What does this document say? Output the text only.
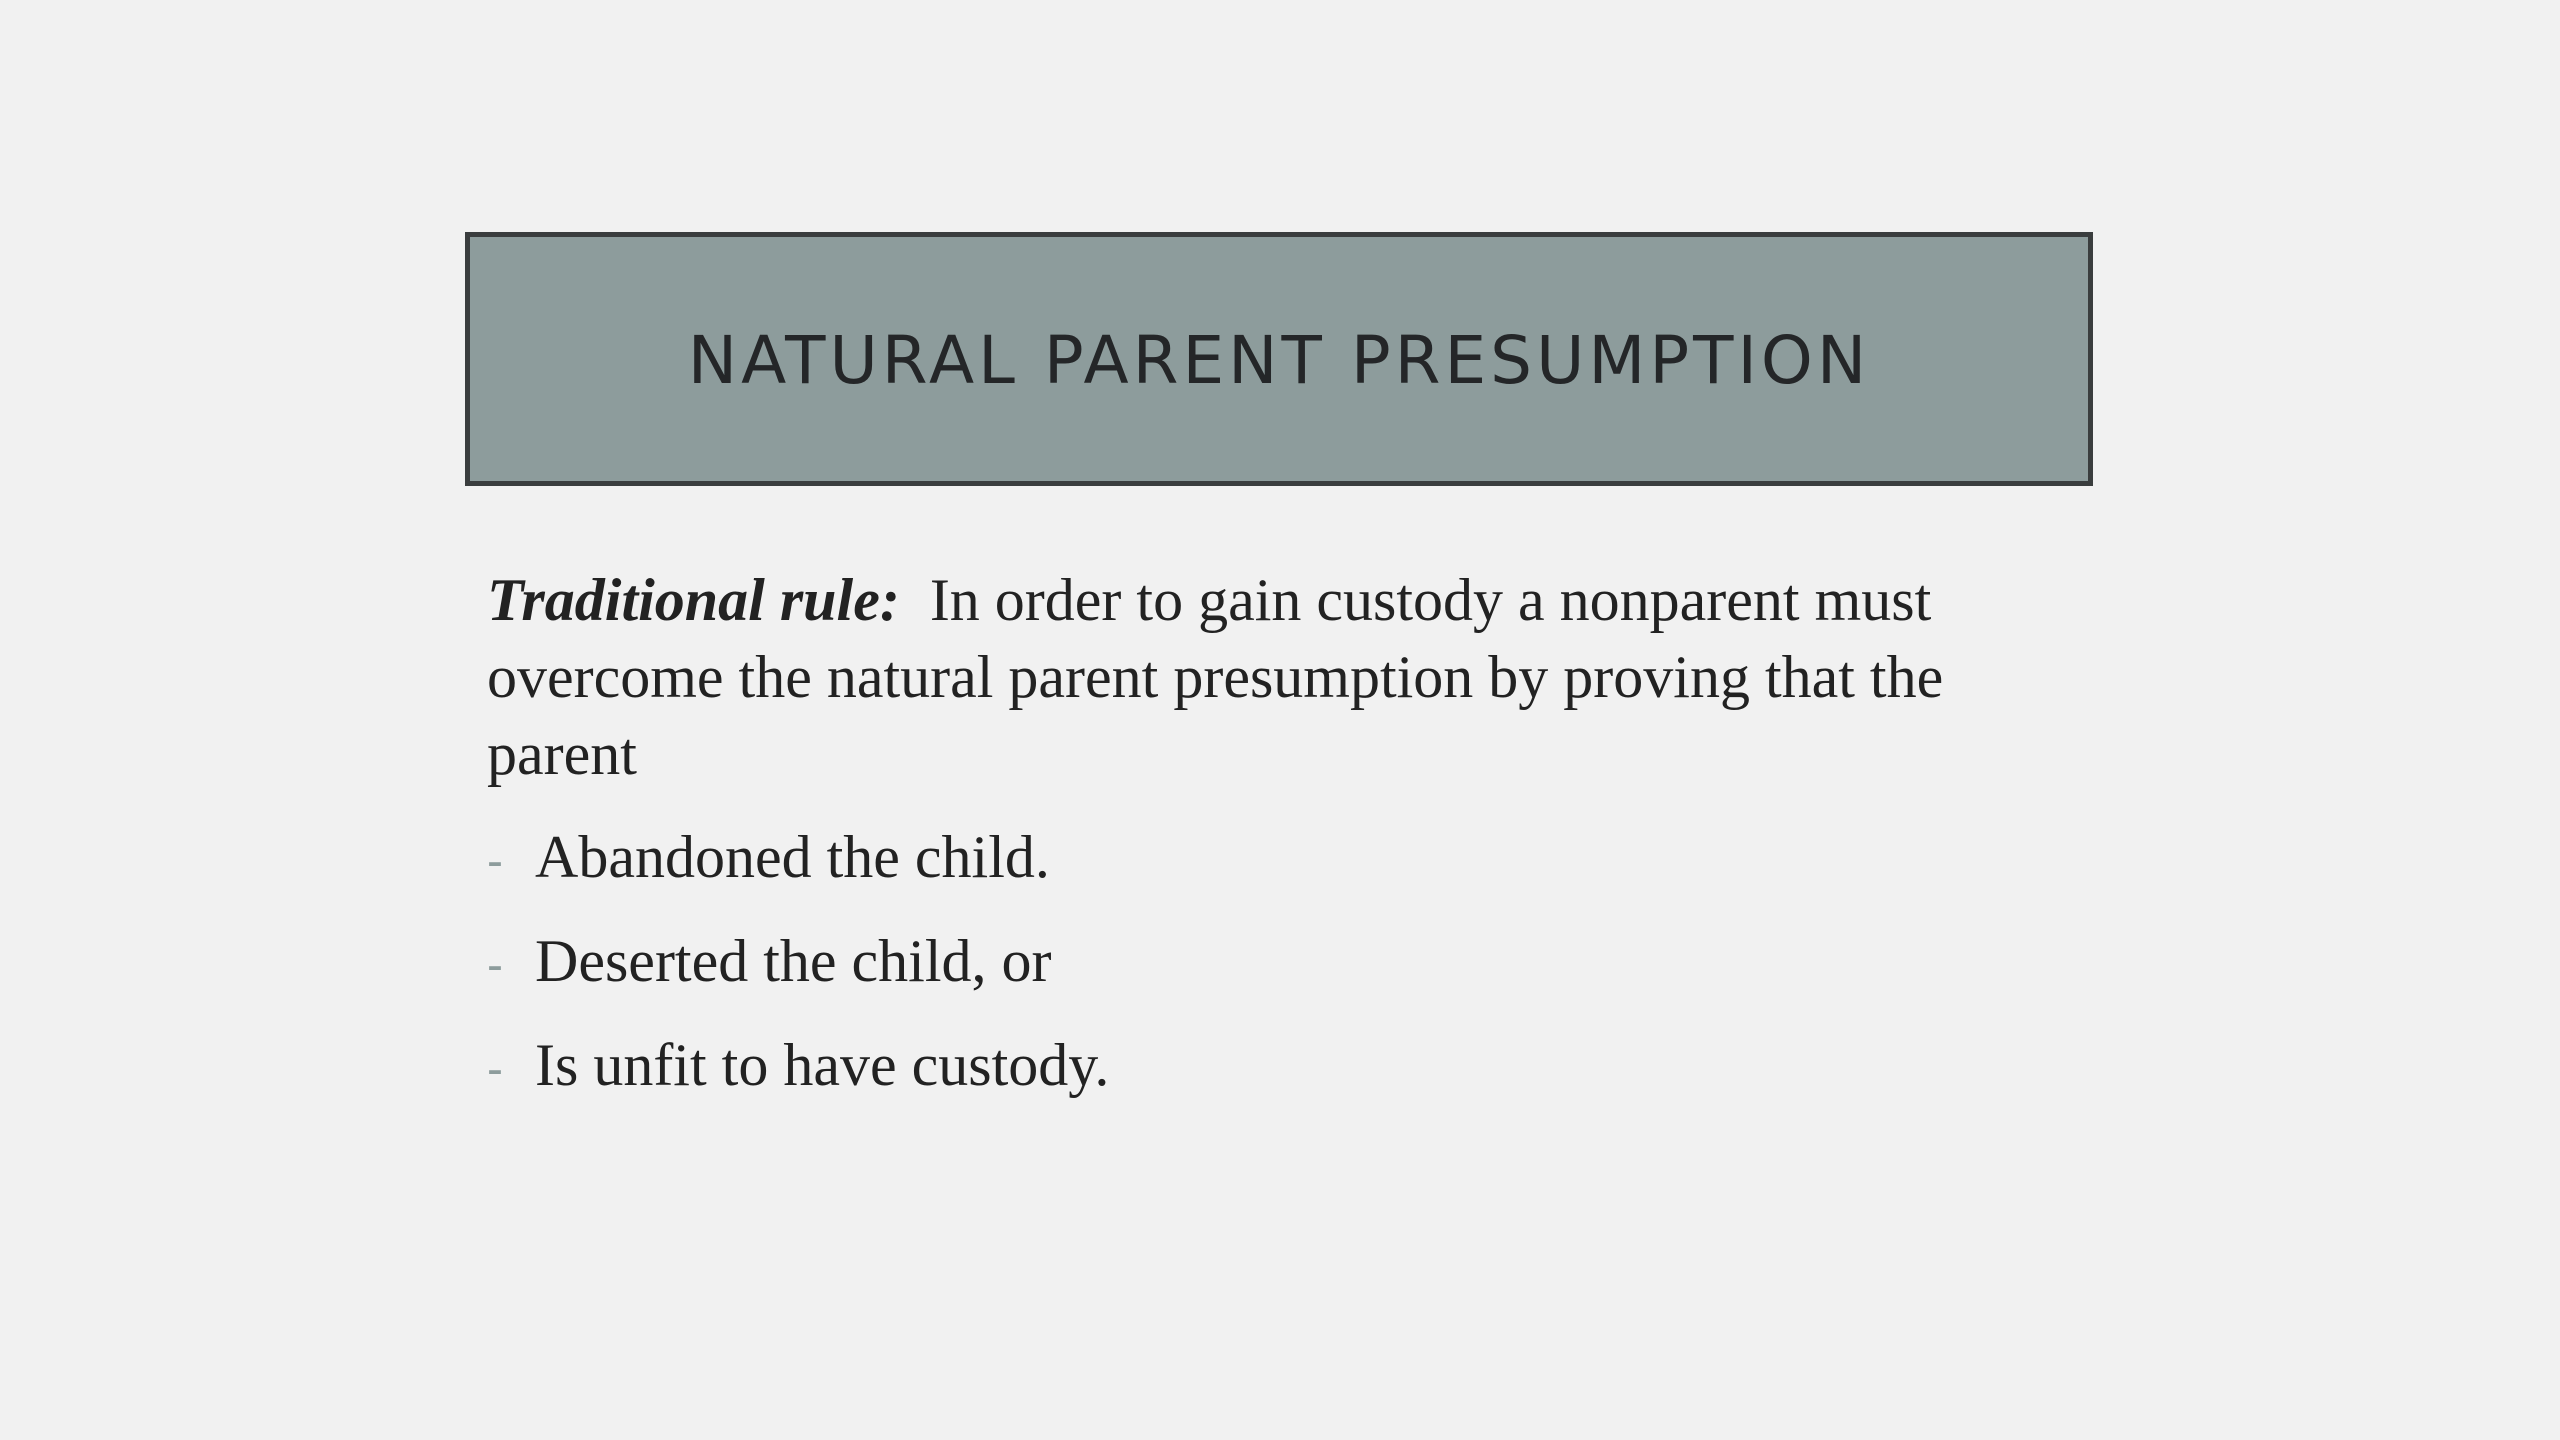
NATURAL PARENT PRESUMPTION

Traditional rule: In order to gain custody a nonparent must overcome the natural parent presumption by proving that the parent

- Abandoned the child.
- Deserted the child, or
- Is unfit to have custody.
